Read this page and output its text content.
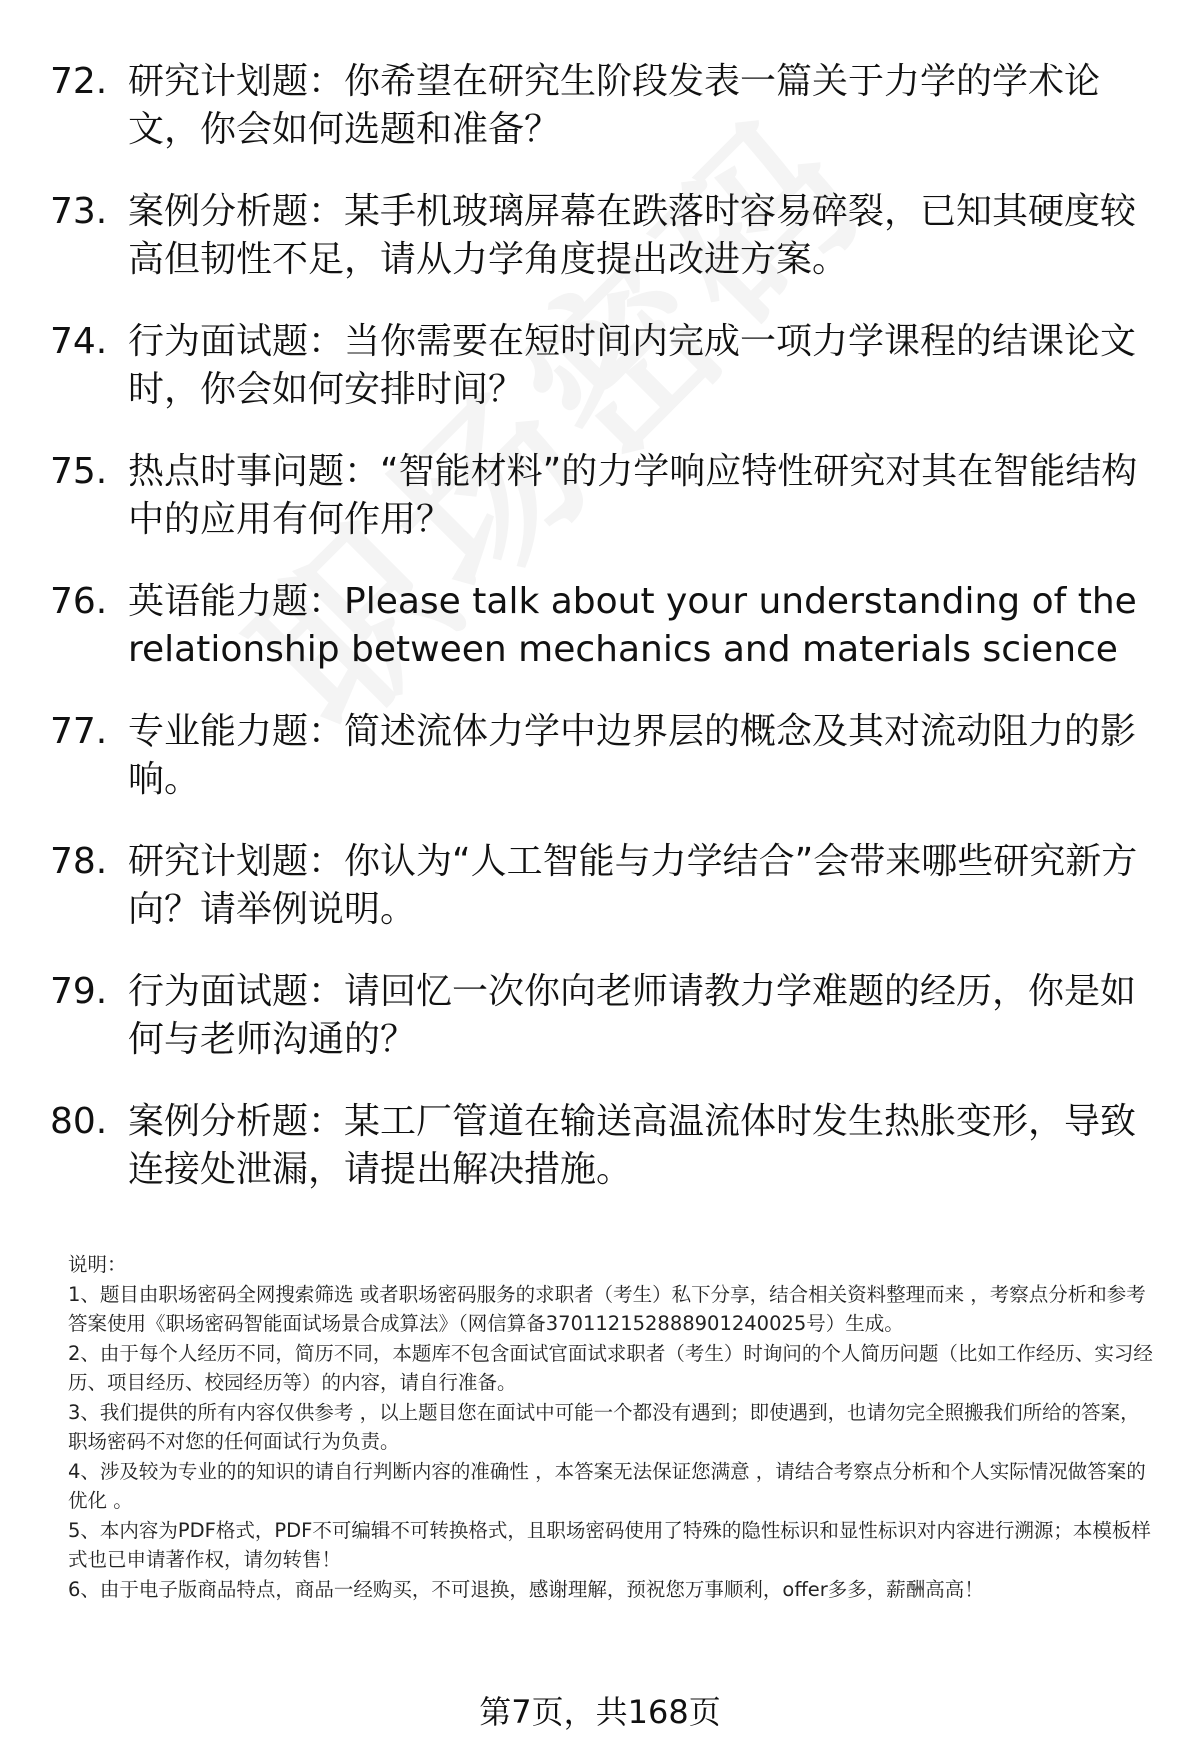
72. 研究计划题：你希望在研究生阶段发表一篇关于力学的学术论文，你会如何选题和准备？
73. 案例分析题：某手机玻璃屏幕在跌落时容易碎裂，已知其硬度较高但韧性不足，请从力学角度提出改进方案。
74. 行为面试题：当你需要在短时间内完成一项力学课程的结课论文时，你会如何安排时间？
75. 热点时事问题：“智能材料”的力学响应特性研究对其在智能结构中的应用有何作用？
76. 英语能力题：Please talk about your understanding of the relationship between mechanics and materials science
77. 专业能力题：简述流体力学中边界层的概念及其对流动阻力的影响。
78. 研究计划题：你认为“人工智能与力学结合”会带来哪些研究新方向？请举例说明。
79. 行为面试题：请回忆一次你向老师请教力学难题的经历，你是如何与老师沟通的？
80. 案例分析题：某工厂管道在输送高温流体时发生热胀变形，导致连接处泄漏，请提出解决措施。

说明：

1、题目由职场密码全网搜索筛选 或者职场密码服务的求职者（考生）私下分享，结合相关资料整理而来 ，考察点分析和参考答案使用《职场密码智能面试场景合成算法》（网信算备370112152888901240025号）生成。

2、由于每个人经历不同，简历不同，本题库不包含面试官面试求职者（考生）时询问的个人简历问题（比如工作经历、实习经历、项目经历、校园经历等）的内容，请自行准备。

3、我们提供的所有内容仅供参考 ，以上题目您在面试中可能一个都没有遇到；即使遇到，也请勿完全照搬我们所给的答案，职场密码不对您的任何面试行为负责。

4、涉及较为专业的的知识的请自行判断内容的准确性 ，本答案无法保证您满意 ，请结合考察点分析和个人实际情况做答案的优化 。

5、本内容为PDF格式，PDF不可编辑不可转换格式，且职场密码使用了特殊的隐性标识和显性标识对内容进行溯源；本模板样式也已申请著作权，请勿转售！

6、由于电子版商品特点，商品一经购买，不可退换，感谢理解，预祝您万事顺利，offer多多，薪酬高高！

第7页，共168页
